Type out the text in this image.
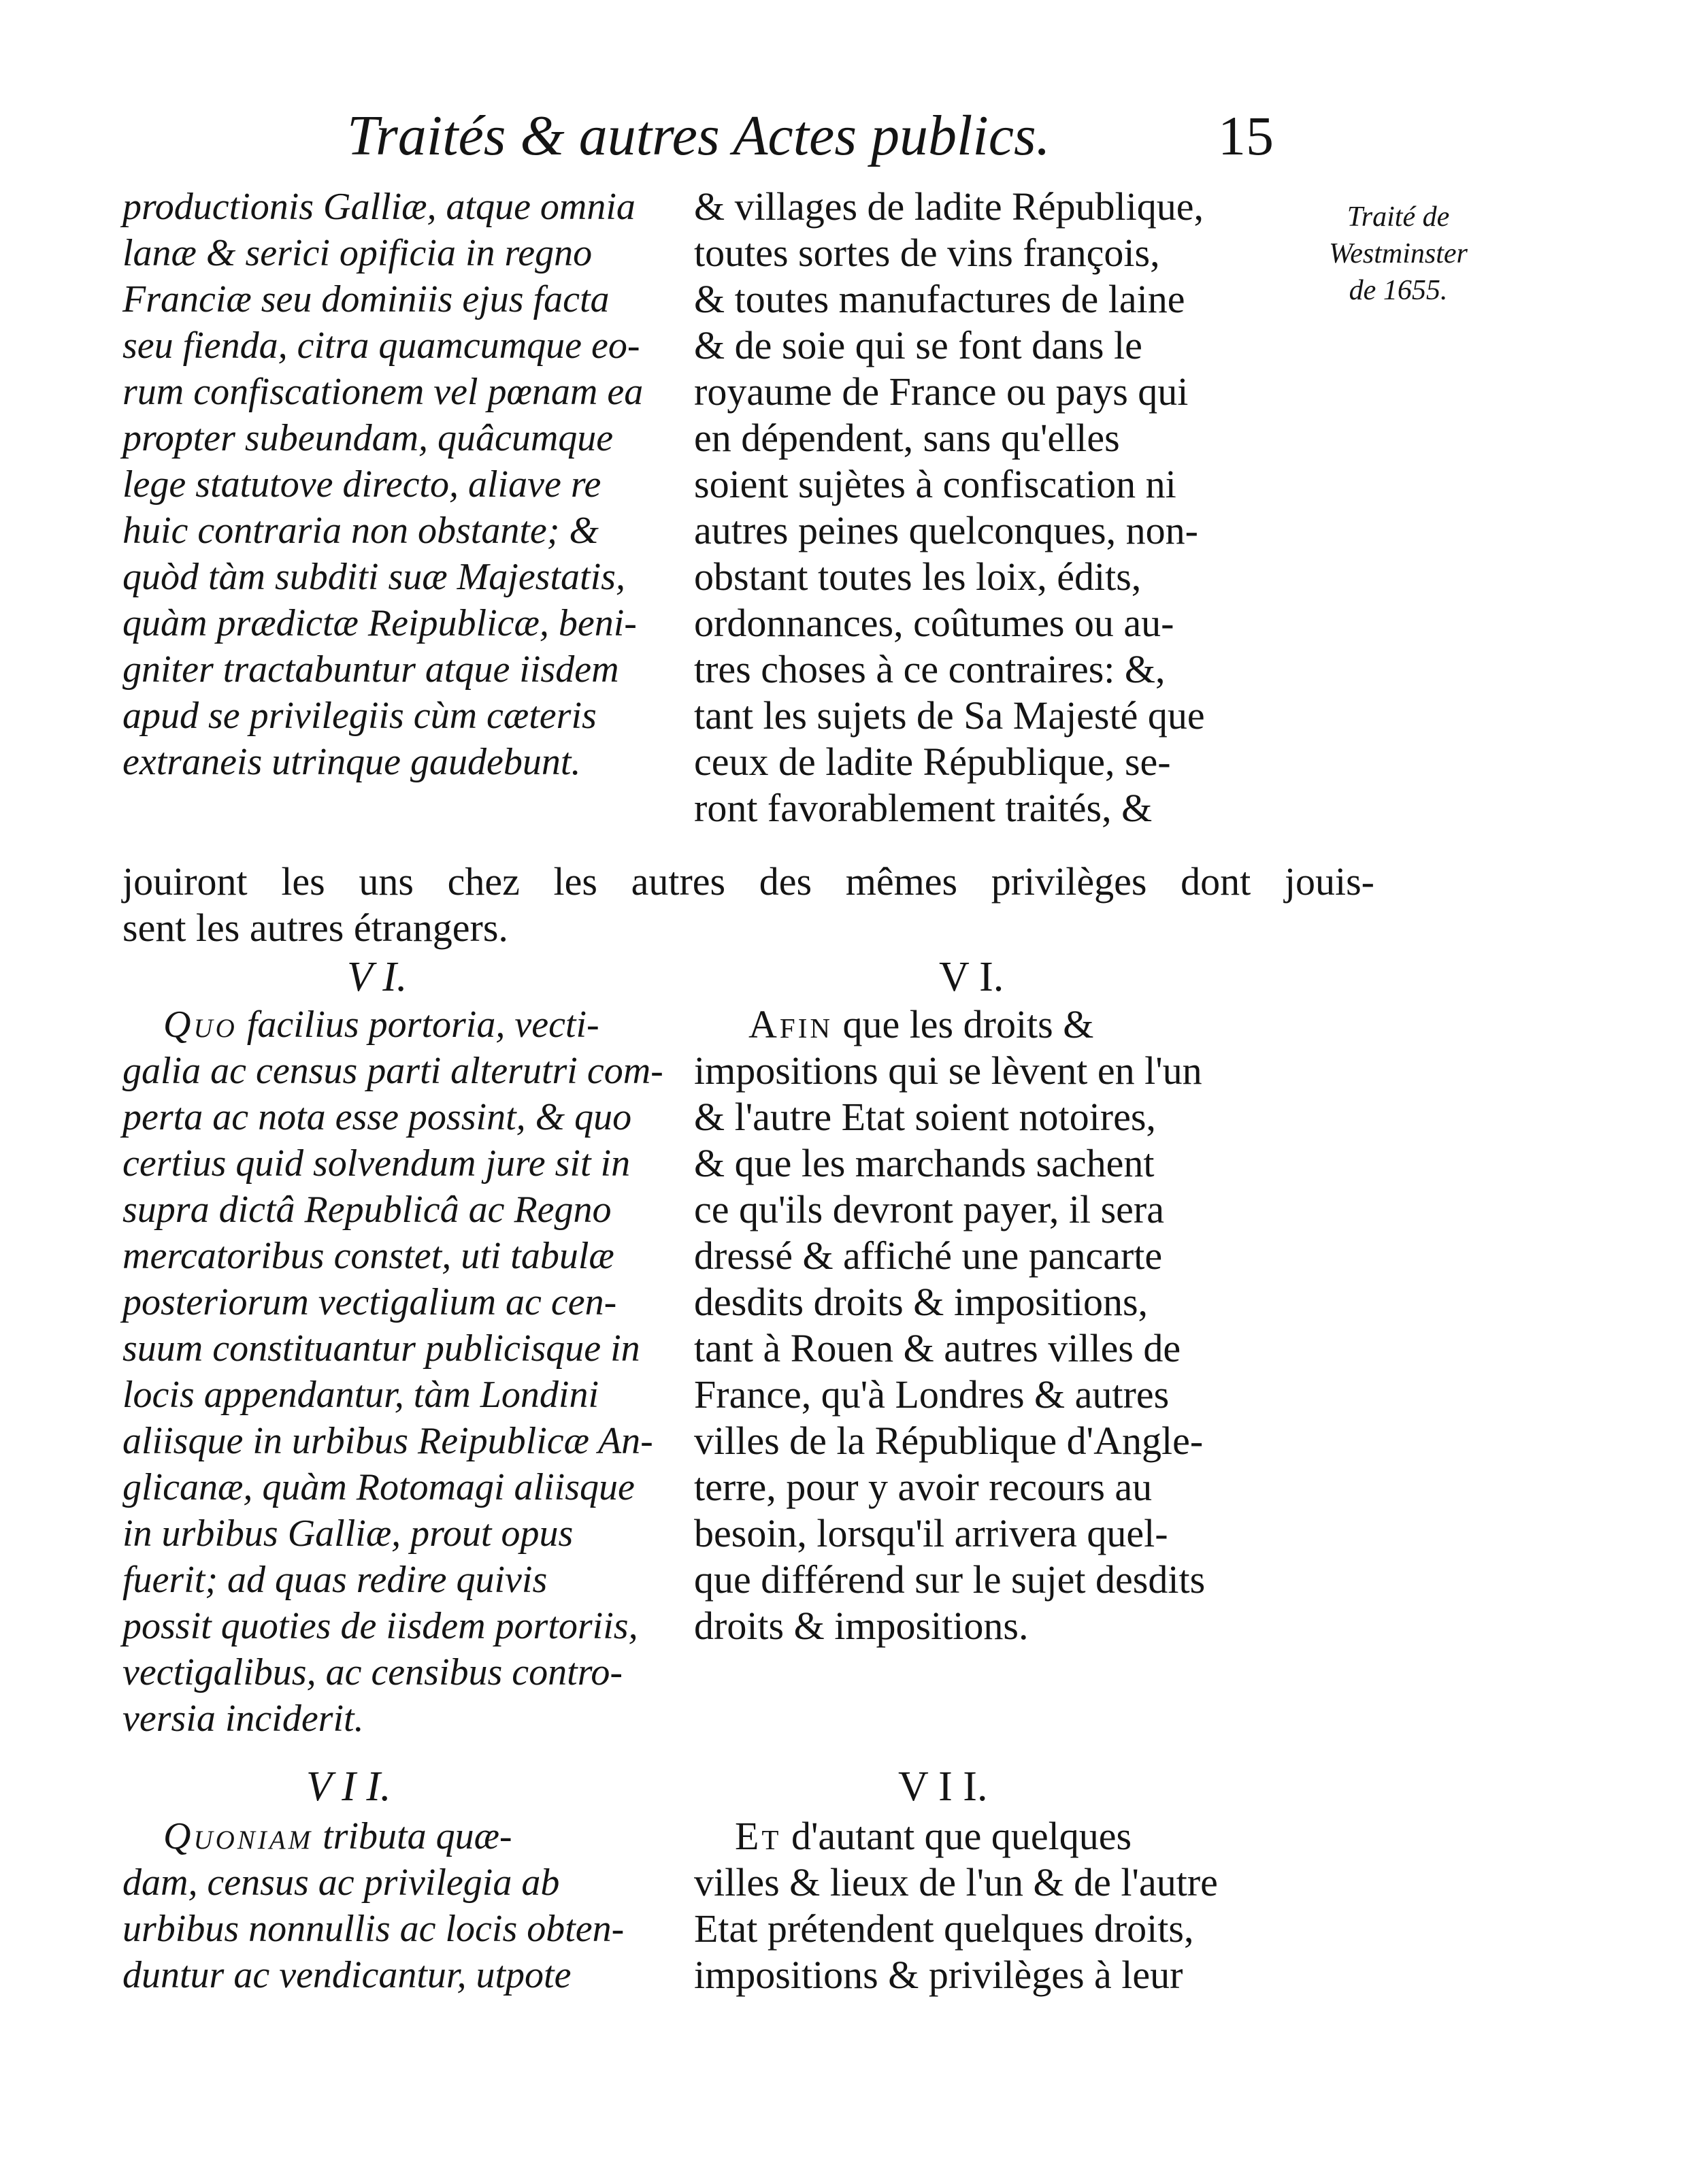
Traités & autres Actes publics.	15
Traité de
Westminster
de 1655.
productionis Galliæ, atque omnia
lanæ & serici opificia in regno
Franciæ seu dominiis ejus facta
seu fienda, citra quamcumque eo-
rum confiscationem vel pœnam ea
propter subeundam, quâcumque
lege statutove directo, aliave re
huic contraria non obstante; &
quòd tàm subditi suæ Majestatis,
quàm prædictæ Reipublicæ, beni-
gniter tractabuntur atque iisdem
apud se privilegiis cùm cæteris
extraneis utrinque gaudebunt.
& villages de ladite République,
toutes sortes de vins françois,
& toutes manufactures de laine
& de soie qui se font dans le
royaume de France ou pays qui
en dépendent, sans qu'elles
soient sujètes à confiscation ni
autres peines quelconques, non-
obstant toutes les loix, édits,
ordonnances, coûtumes ou au-
tres choses à ce contraires: &,
tant les sujets de Sa Majesté que
ceux de ladite République, se-
ront favorablement traités, &
jouiront les uns chez les autres des mêmes privilèges dont jouis-
sent les autres étrangers.
V I.	V I.
Quo facilius portoria, vecti-
galia ac census parti alterutri com-
perta ac nota esse possint, & quo
certius quid solvendum jure sit in
supra dictâ Republicâ ac Regno
mercatoribus constet, uti tabulæ
posteriorum vectigalium ac cen-
suum constituantur publicisque in
locis appendantur, tàm Londini
aliisque in urbibus Reipublicæ An-
glicanæ, quàm Rotomagi aliisque
in urbibus Galliæ, prout opus
fuerit; ad quas redire quivis
possit quoties de iisdem portoriis,
vectigalibus, ac censibus contro-
versia inciderit.
Afin que les droits &
impositions qui se lèvent en l'un
& l'autre Etat soient notoires,
& que les marchands sachent
ce qu'ils devront payer, il sera
dressé & affiché une pancarte
desdits droits & impositions,
tant à Rouen & autres villes de
France, qu'à Londres & autres
villes de la République d'Angle-
terre, pour y avoir recours au
besoin, lorsqu'il arrivera quel-
que différend sur le sujet desdits
droits & impositions.
V I I.	V I I.
Quoniam tributa quæ-
dam, census ac privilegia ab
urbibus nonnullis ac locis obten-
duntur ac vendicantur, utpote
Et d'autant que quelques
villes & lieux de l'un & de l'autre
Etat prétendent quelques droits,
impositions & privilèges à leur
